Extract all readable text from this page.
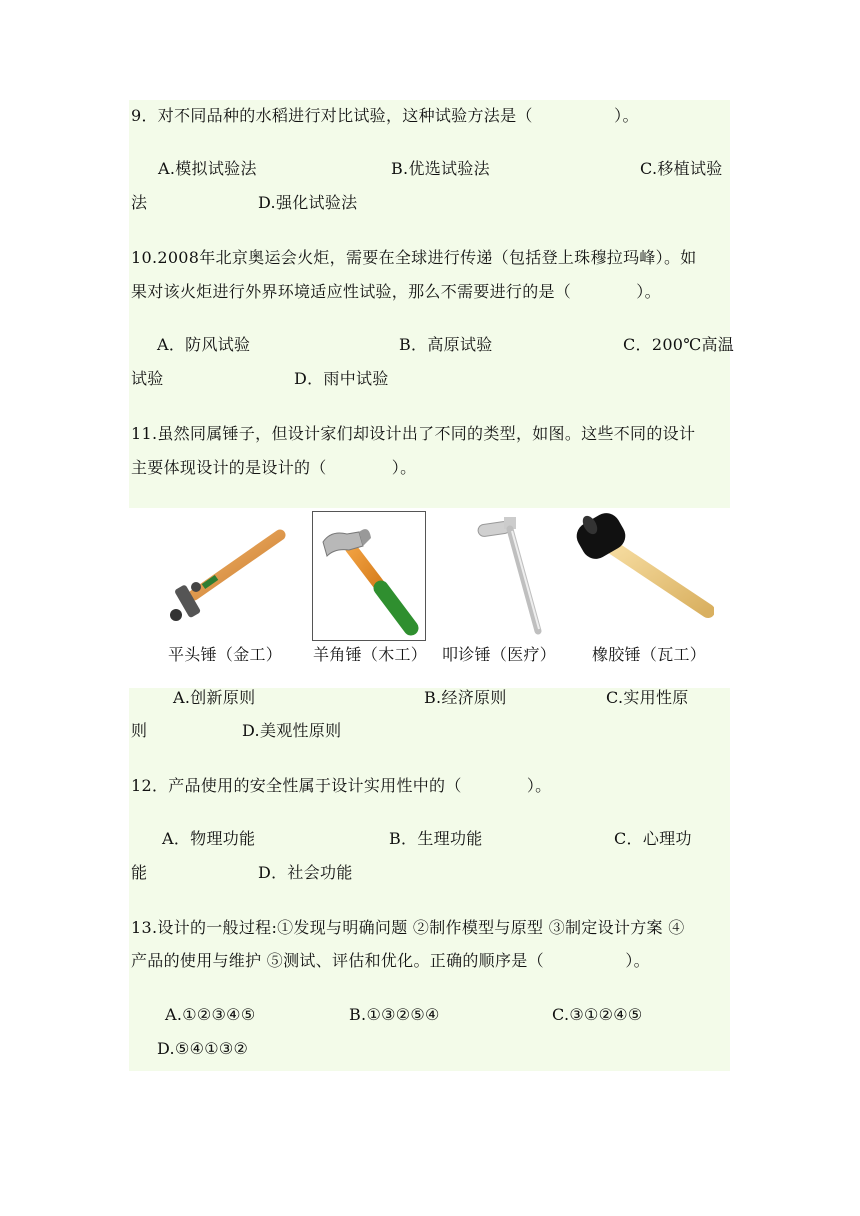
9．对不同品种的水稻进行对比试验，这种试验方法是（　　　　　）。
A.模拟试验法	B.优选试验法	C.移植试验
法	D.强化试验法
10.2008年北京奥运会火炬，需要在全球进行传递（包括登上珠穆拉玛峰）。如
果对该火炬进行外界环境适应性试验，那么不需要进行的是（　　　　）。
A．防风试验	B．高原试验	C．200℃高温
试验	D．雨中试验
11.虽然同属锤子，但设计家们却设计出了不同的类型，如图。这些不同的设计
主要体现设计的是设计的（　　　　）。
平头锤（金工） 羊角锤（木工） 叩诊锤（医疗） 橡胶锤（瓦工）
A.创新原则	B.经济原则	C.实用性原
则	D.美观性原则
12．产品使用的安全性属于设计实用性中的（　　　　）。
A．物理功能	B．生理功能	C．心理功
能	D．社会功能
13.设计的一般过程:①发现与明确问题 ②制作模型与原型 ③制定设计方案 ④
产品的使用与维护 ⑤测试、评估和优化。正确的顺序是（　　　　　）。
A.①②③④⑤	B.①③②⑤④	C.③①②④⑤
D.⑤④①③②
